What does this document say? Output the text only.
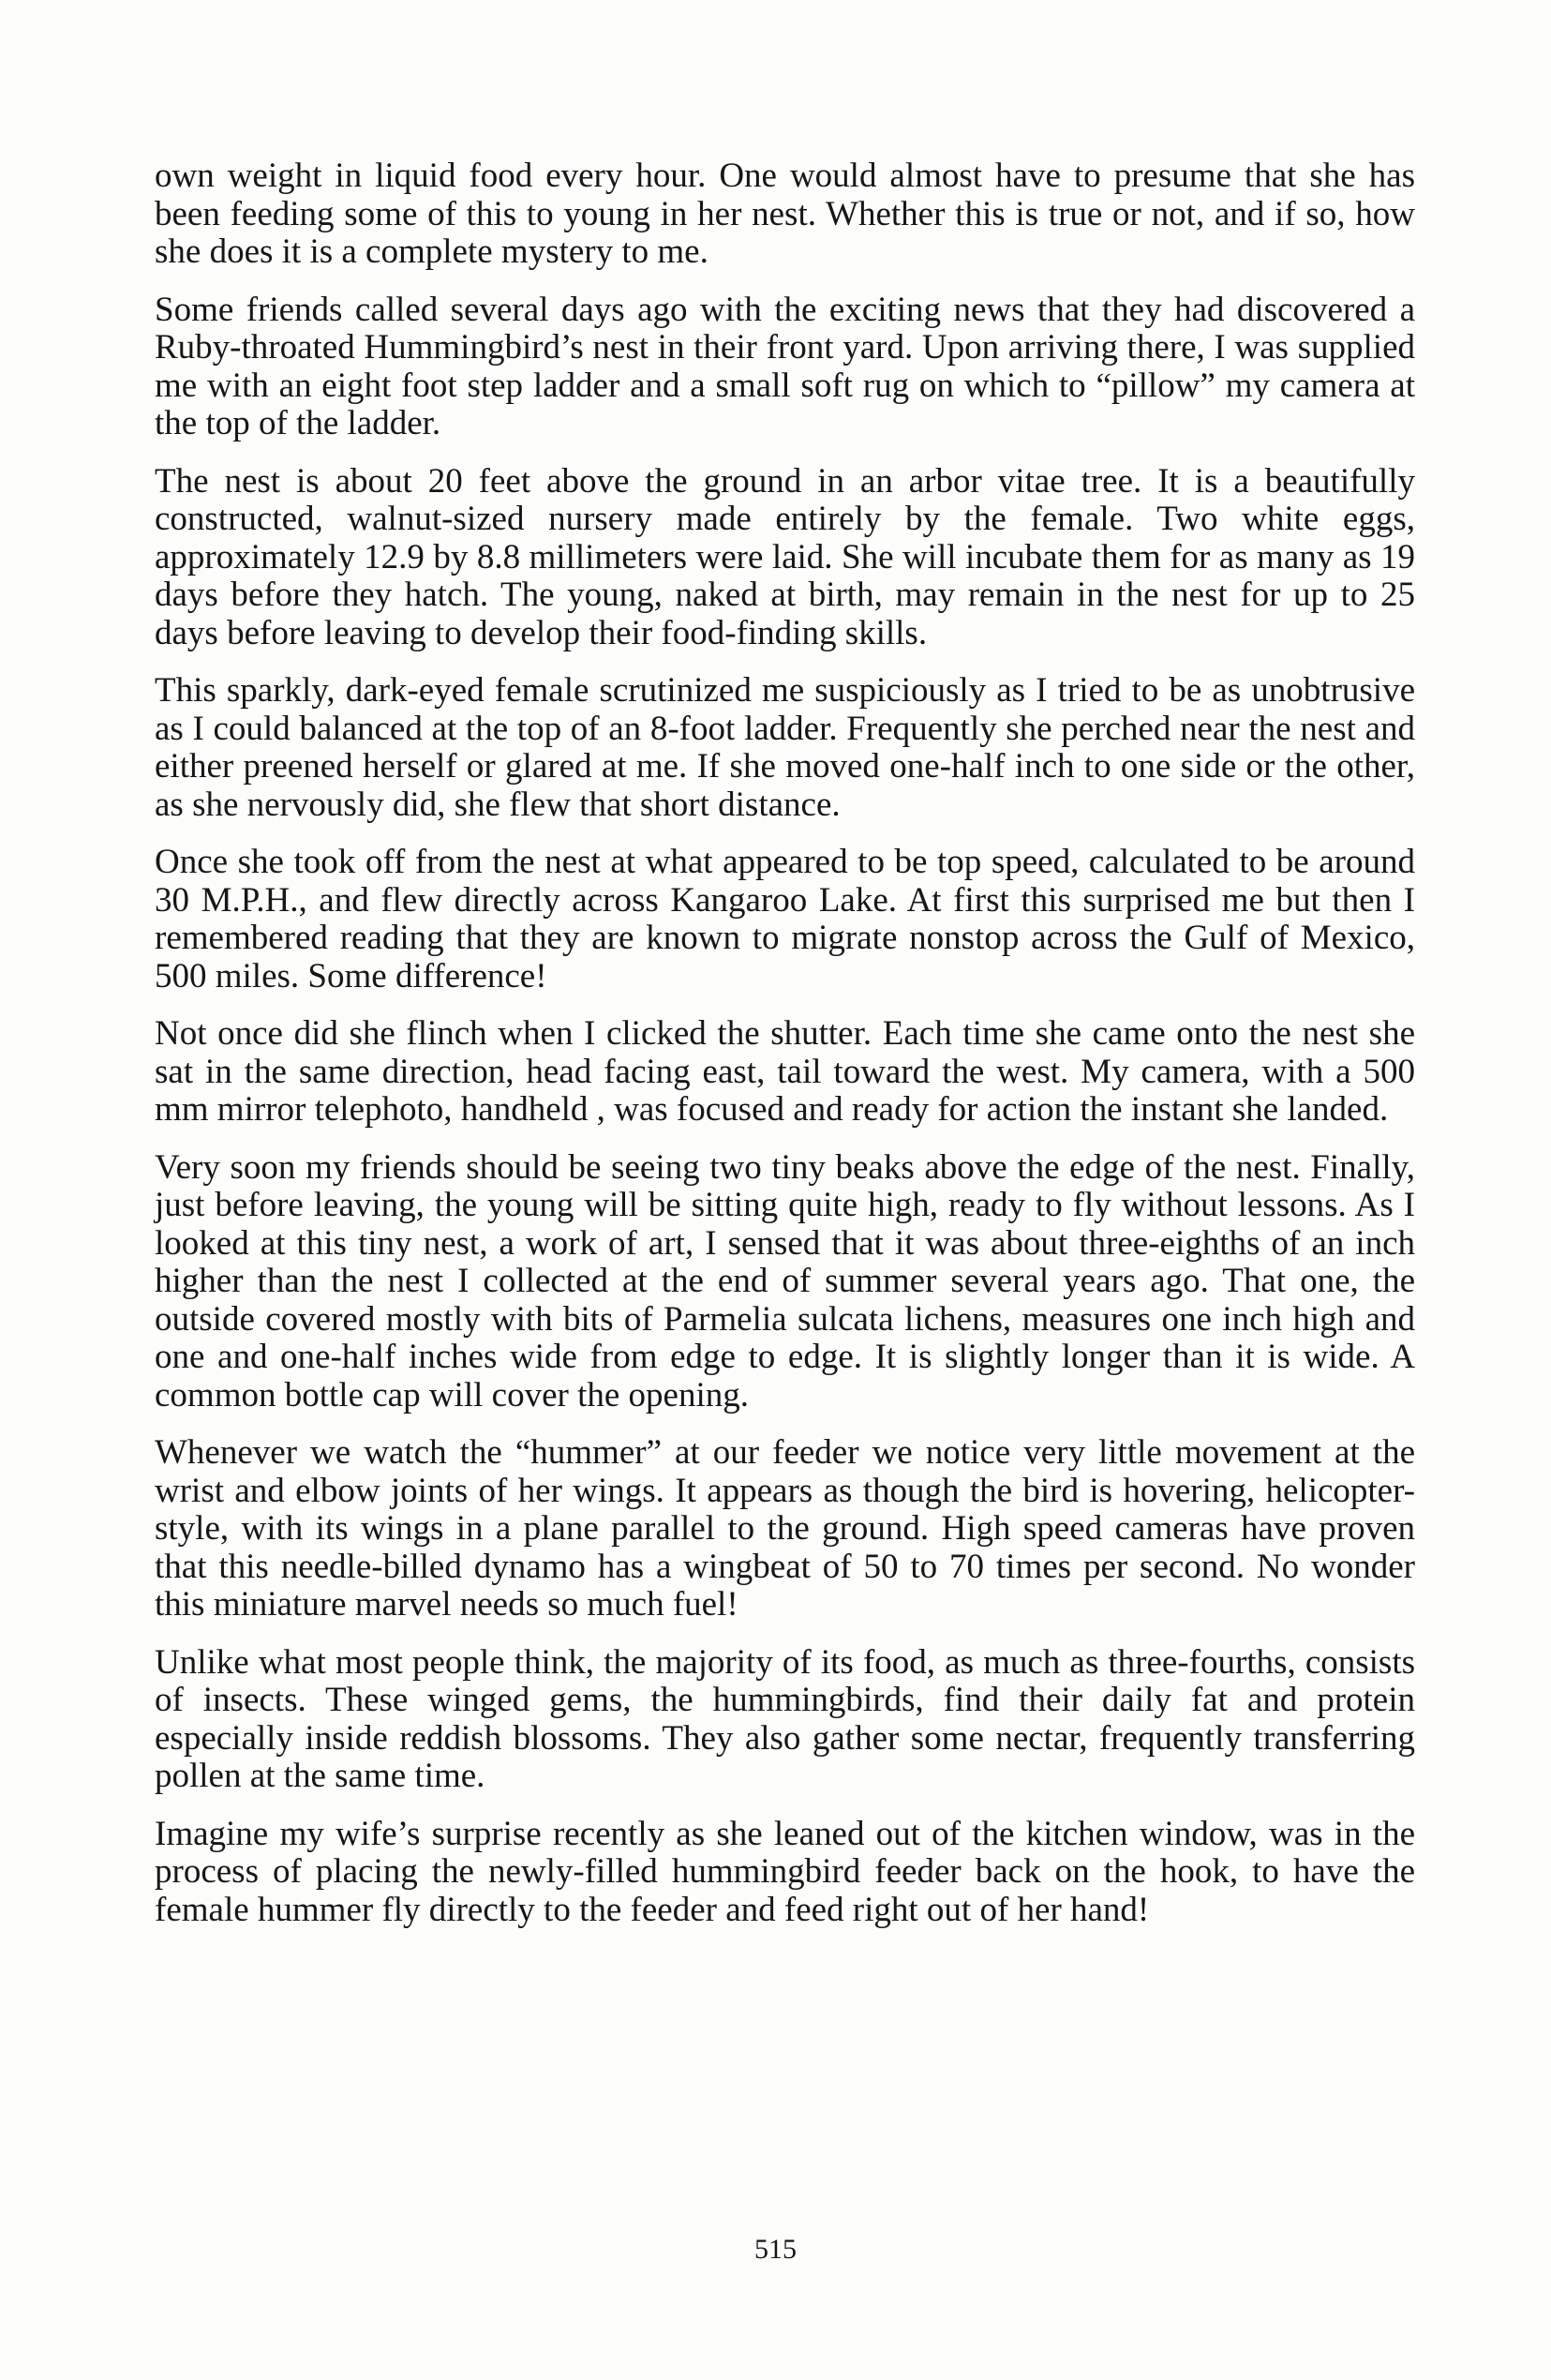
own weight in liquid food every hour. One would almost have to presume that she has been feeding some of this to young in her nest. Whether this is true or not, and if so, how she does it is a complete mystery to me.

Some friends called several days ago with the exciting news that they had discovered a Ruby-throated Hummingbird’s nest in their front yard. Upon arriving there, I was supplied me with an eight foot step ladder and a small soft rug on which to “pillow” my camera at the top of the ladder.

The nest is about 20 feet above the ground in an arbor vitae tree. It is a beautifully constructed, walnut-sized nursery made entirely by the female. Two white eggs, approximately 12.9 by 8.8 millimeters were laid. She will incubate them for as many as 19 days before they hatch. The young, naked at birth, may remain in the nest for up to 25 days before leaving to develop their food-finding skills.

This sparkly, dark-eyed female scrutinized me suspiciously as I tried to be as unobtrusive as I could balanced at the top of an 8-foot ladder. Frequently she perched near the nest and either preened herself or glared at me. If she moved one-half inch to one side or the other, as she nervously did, she flew that short distance.

Once she took off from the nest at what appeared to be top speed, calculated to be around 30 M.P.H., and flew directly across Kangaroo Lake. At first this surprised me but then I remembered reading that they are known to migrate nonstop across the Gulf of Mexico, 500 miles. Some difference!

Not once did she flinch when I clicked the shutter. Each time she came onto the nest she sat in the same direction, head facing east, tail toward the west. My camera, with a 500 mm mirror telephoto, handheld , was focused and ready for action the instant she landed.

Very soon my friends should be seeing two tiny beaks above the edge of the nest. Finally, just before leaving, the young will be sitting quite high, ready to fly without lessons. As I looked at this tiny nest, a work of art, I sensed that it was about three-eighths of an inch higher than the nest I collected at the end of summer several years ago. That one, the outside covered mostly with bits of Parmelia sulcata lichens, measures one inch high and one and one-half inches wide from edge to edge. It is slightly longer than it is wide. A common bottle cap will cover the opening.

Whenever we watch the “hummer” at our feeder we notice very little movement at the wrist and elbow joints of her wings. It appears as though the bird is hovering, helicopter-style, with its wings in a plane parallel to the ground. High speed cameras have proven that this needle-billed dynamo has a wingbeat of 50 to 70 times per second. No wonder this miniature marvel needs so much fuel!

Unlike what most people think, the majority of its food, as much as three-fourths, consists of insects. These winged gems, the hummingbirds, find their daily fat and protein especially inside reddish blossoms. They also gather some nectar, frequently transferring pollen at the same time.

Imagine my wife’s surprise recently as she leaned out of the kitchen window, was in the process of placing the newly-filled hummingbird feeder back on the hook, to have the female hummer fly directly to the feeder and feed right out of her hand!

515
